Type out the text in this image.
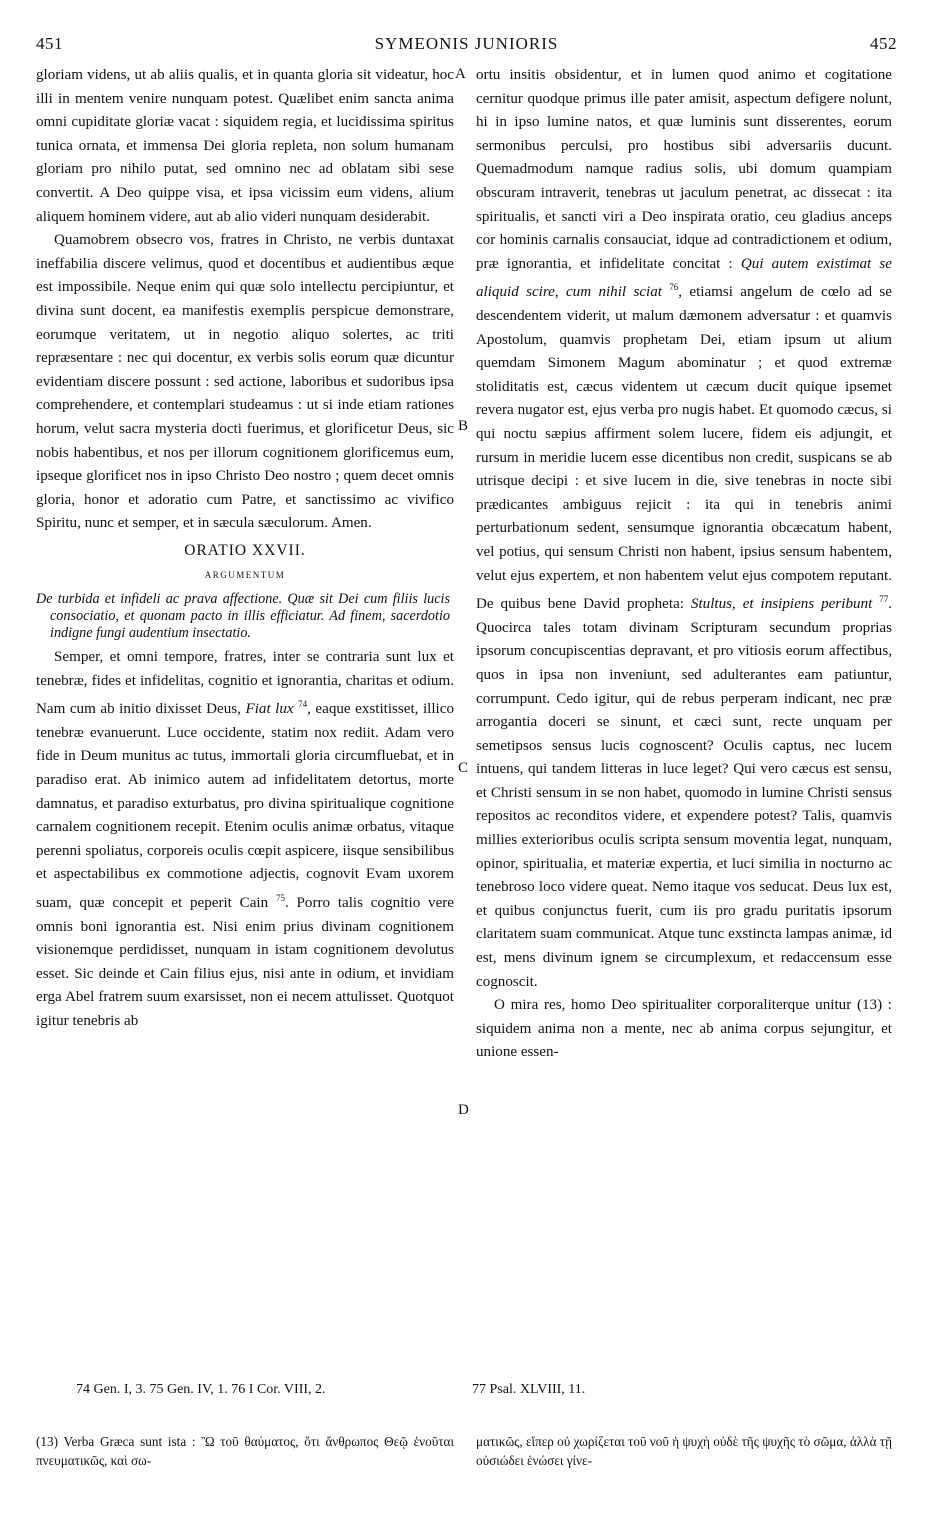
451	SYMEONIS JUNIORIS	452

gloriam videns, ut ab aliis qualis, et in quanta gloria sit videatur, hoc illi in mentem venire nunquam potest. Quælibet enim sancta anima omni cupiditate gloriæ vacat : siquidem regia, et lucidissima spiritus tunica ornata, et immensa Dei gloria repleta, non solum humanam gloriam pro nihilo putat, sed omnino nec ad oblatam sibi sese convertit. A Deo quippe visa, et ipsa vicissim eum videns, alium aliquem hominem videre, aut ab alio videri nunquam desiderabit.

Quamobrem obsecro vos, fratres in Christo, ne verbis duntaxat ineffabilia discere velimus, quod et docentibus et audientibus æque est impossibile. Neque enim qui quæ solo intellectu percipiuntur, et divina sunt docent, ea manifestis exemplis perspicue demonstrare, eorumque veritatem, ut in negotio aliquo solertes, ac triti repræsentare : nec qui docentur, ex verbis solis eorum quæ dicuntur evidentiam discere possunt : sed actione, laboribus et sudoribus ipsa comprehendere, et contemplari studeamus : ut si inde etiam rationes horum, velut sacra mysteria docti fuerimus, et glorificetur Deus, sic nobis habentibus, et nos per illorum cognitionem glorificemus eum, ipseque glorificet nos in ipso Christo Deo nostro ; quem decet omnis gloria, honor et adoratio cum Patre, et sanctissimo ac vivifico Spiritu, nunc et semper, et in sæcula sæculorum. Amen.

ORATIO XXVII.
ARGUMENTUM

De turbida et infideli ac prava affectione. Quæ sit Dei cum filiis lucis consociatio, et quonam pacto in illis efficiatur. Ad finem, sacerdotio indigne fungi audentium insectatio.

Semper, et omni tempore, fratres, inter se contraria sunt lux et tenebræ, fides et infidelitas, cognitio et ignorantia, charitas et odium. Nam cum ab initio dixisset Deus, Fiat lux $^{74}$, eaque exstitisset, illico tenebræ evanuerunt. Luce occidente, statim nox rediit. Adam vero fide in Deum munitus ac tutus, immortali gloria circumfluebat, et in paradiso erat. Ab inimico autem ad infidelitatem detortus, morte damnatus, et paradiso exturbatus, pro divina spiritualique cognitione carnalem cognitionem recepit. Etenim oculis animæ orbatus, vitaque perenni spoliatus, corporeis oculis cœpit aspicere, iisque sensibilibus et aspectabilibus ex commotione adjectis, cognovit Evam uxorem suam, quæ concepit et peperit Cain $^{75}$. Porro talis cognitio vere omnis boni ignorantia est. Nisi enim prius divinam cognitionem visionemque perdidisset, nunquam in istam cognitionem devolutus esset. Sic deinde et Cain filius ejus, nisi ante in odium, et invidiam erga Abel fratrem suum exarsisset, non ei necem attulisset. Quotquot igitur tenebris ab

ortu insitis obsidentur, et in lumen quod animo et cogitatione cernitur quodque primus ille pater amisit, aspectum defigere nolunt, hi in ipso lumine natos, et quæ luminis sunt disserentes, eorum sermonibus perculsi, pro hostibus sibi adversariis ducunt. Quemadmodum namque radius solis, ubi domum quampiam obscuram intraverit, tenebras ut jaculum penetrat, ac dissecat : ita spiritualis, et sancti viri a Deo inspirata oratio, ceu gladius anceps cor hominis carnalis consauciat, idque ad contradictionem et odium, præ ignorantia, et infidelitate concitat : Qui autem existimat se aliquid scire, cum nihil sciat $^{76}$, etiamsi angelum de cœlo ad se descendentem viderit, ut malum dæmonem adversatur : et quamvis Apostolum, quamvis prophetam Dei, etiam ipsum ut alium quemdam Simonem Magum abominatur ; et quod extremæ stoliditatis est, cæcus videntem ut cæcum ducit quique ipsemet revera nugator est, ejus verba pro nugis habet. Et quomodo cæcus, si qui noctu sæpius affirment solem lucere, fidem eis adjungit, et rursum in meridie lucem esse dicentibus non credit, suspicans se ab utrisque decipi : et sive lucem in die, sive tenebras in nocte sibi prædicantes ambiguus rejicit : ita qui in tenebris animi perturbationum sedent, sensumque ignorantia obcæcatum habent, vel potius, qui sensum Christi non habent, ipsius sensum habentem, velut ejus expertem, et non habentem velut ejus compotem reputant. De quibus bene David propheta: Stultus, et insipiens peribunt $^{77}$. Quocirca tales totam divinam Scripturam secundum proprias ipsorum concupiscentias depravant, et pro vitiosis eorum affectibus, quos in ipsa non inveniunt, sed adulterantes eam patiuntur, corrumpunt. Cedo igitur, qui de rebus perperam indicant, nec præ arrogantia doceri se sinunt, et cæci sunt, recte unquam per semetipsos sensus lucis cognoscent? Oculis captus, nec lucem intuens, qui tandem litteras in luce leget? Qui vero cæcus est sensu, et Christi sensum in se non habet, quomodo in lumine Christi sensus repositos ac reconditos videre, et expendere potest? Talis, quamvis millies exterioribus oculis scripta sensum moventia legat, nunquam, opinor, spiritualia, et materiæ expertia, et luci similia in nocturno ac tenebroso loco videre queat. Nemo itaque vos seducat. Deus lux est, et quibus conjunctus fuerit, cum iis pro gradu puritatis ipsorum claritatem suam communicat. Atque tunc exstincta lampas animæ, id est, mens divinum ignem se circumplexum, et redaccensum esse cognoscit.

O mira res, homo Deo spiritualiter corporaliterque unitur (13) : siquidem anima non a mente, nec ab anima corpus sejungitur, et unione essen-

A
B
C
D
74 Gen. I, 3. 75 Gen. IV, 1. 76 I Cor. VIII, 2.	77 Psal. XLVIII, 11.
(13) Verba Græca sunt ista : Ὢ τοῦ θαύματος, ὅτι ἄνθρωπος Θεῷ ἑνοῦται πνευματικῶς, καὶ σω-
ματικῶς, εἴπερ οὐ χωρίζεται τοῦ νοῦ ἡ ψυχὴ οὐδὲ τῆς ψυχῆς τὸ σῶμα, ἀλλὰ τῇ οὐσιώδει ἑνώσει γίνε-
